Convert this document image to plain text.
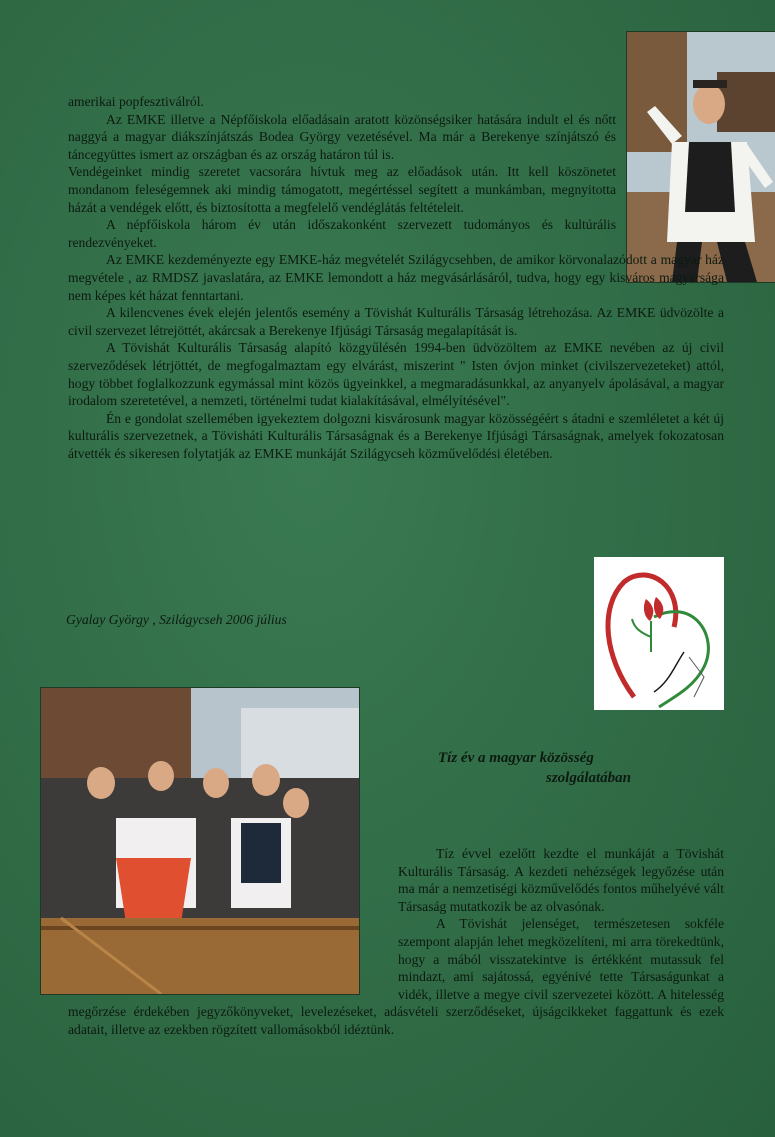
amerikai popfesztiválról.

Az EMKE illetve a Népfőiskola előadásain aratott közönségsiker hatására indult el és nőtt naggyá a magyar diákszínjátszás Bodea György vezetésével. Ma már a Berekenye színjátszó és táncegyüttes ismert az országban és az ország határon túl is.

Vendégeinket mindig szeretet vacsorára hívtuk meg az előadások után. Itt kell köszönetet mondanom feleségemnek aki mindig támogatott, megértéssel segített a munkámban, megnyitotta házát a vendégek előtt, és biztosította a megfelelő vendéglátás feltételeit.

A népfőiskola három év után időszakonként szervezett tudományos és kultúrális rendezvényeket.

Az EMKE kezdeményezte egy EMKE-ház megvételét Szilágycsehben, de amikor körvonalazódott a magyar ház megvétele , az RMDSZ javaslatára, az EMKE lemondott a ház megvásárlásáról, tudva, hogy egy kisváros magyarsága nem képes két házat fenntartani.

A kilencvenes évek elején jelentős esemény a Tövishát Kulturális Társaság létrehozása. Az EMKE üdvözölte a civil szervezet létrejöttét, akárcsak a Berekenye Ifjúsági Társaság megalapítását is.

A Tövishát Kulturális Társaság alapító közgyűlésén 1994-ben üdvözöltem az EMKE nevében az új civil szerveződések létrjöttét, de megfogalmaztam egy elvárást, miszerint " Isten óvjon minket (civilszervezeteket) attól, hogy többet foglalkozzunk egymással mint közös ügyeinkkel, a megmaradásunkkal, az anyanyelv ápolásával, a magyar irodalom szeretetével, a nemzeti, történelmi tudat kialakításával, elmélyítésével".

Én e gondolat szellemében igyekeztem dolgozni kisvárosunk magyar közösségéért s átadni e szemléletet a két új kulturális szervezetnek, a Tövisháti Kulturális Társaságnak és a Berekenye Ifjúsági Társaságnak, amelyek fokozatosan átvették és sikeresen folytatják az EMKE munkáját Szilágycseh közművelődési életében.

Gyalay György , Szilágycseh 2006 július
Tíz év a magyar közösség
szolgálatában

Tíz évvel ezelőtt kezdte el munkáját a Tövishát Kulturális Társaság. A kezdeti nehézségek legyőzése után ma már a nemzetiségi közművelődés fontos műhelyévé vált Társaság mutatkozik be az olvasónak.

A Tövishát jelenséget, természetesen sokféle szempont alapján lehet megközelíteni, mi arra törekedtünk, hogy a mából visszatekintve is értékként mutassuk fel mindazt, ami sajátossá, egyénivé tette Társaságunkat a vidék, illetve a megye civil szervezetei között. A hitelesség megőrzése érdekében jegyzőkönyveket, levelezéseket, adásvételi szerződéseket, újságcikkeket faggattunk és ezek adatait, illetve az ezekben rögzített vallomásokból idéztünk.
